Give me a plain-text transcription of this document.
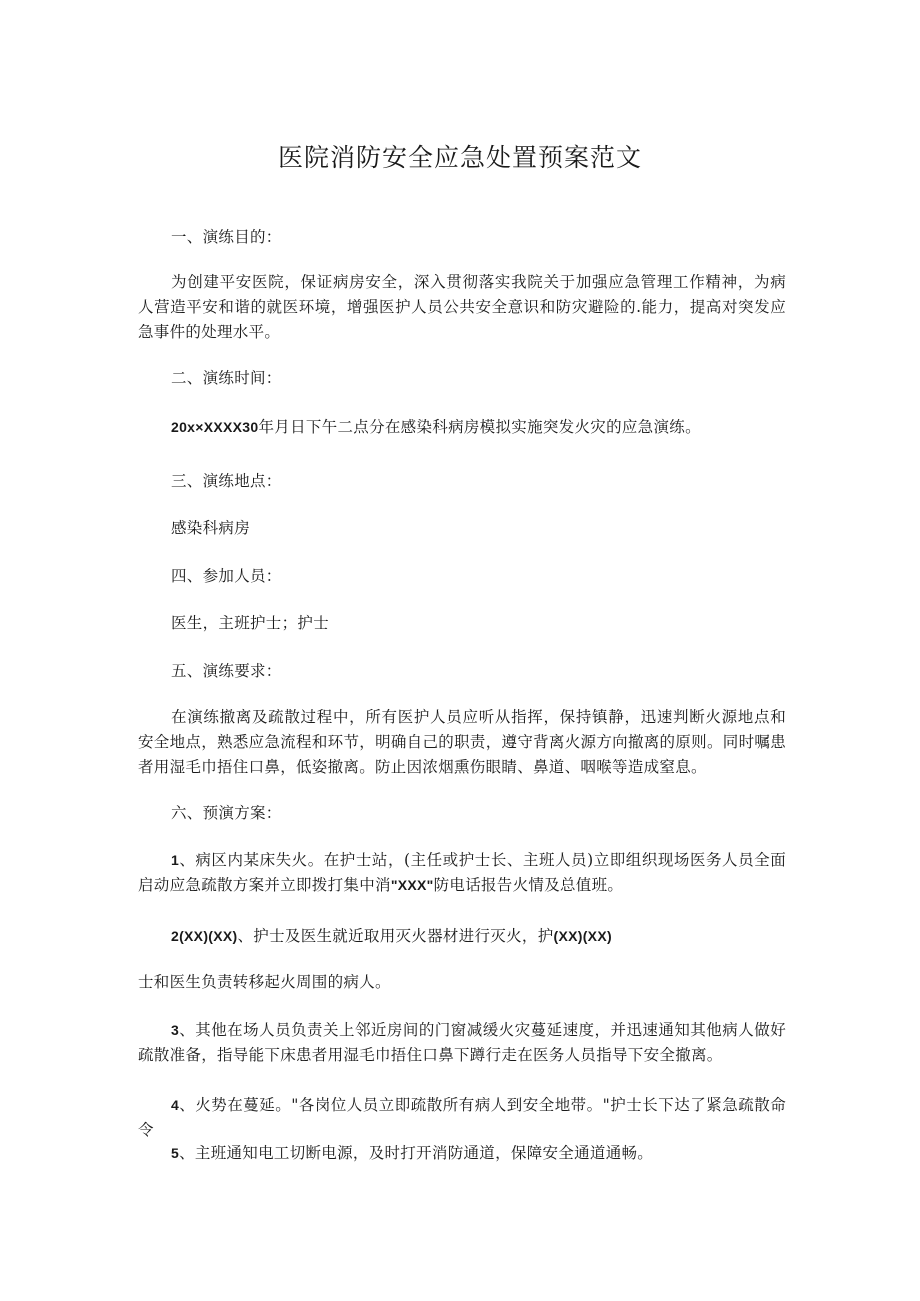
医院消防安全应急处置预案范文

一、演练目的：

为创建平安医院，保证病房安全，深入贯彻落实我院关于加强应急管理工作精神，为病人营造平安和谐的就医环境，增强医护人员公共安全意识和防灾避险的.能力，提高对突发应急事件的处理水平。

二、演练时间：

20x×XXXX30年月日下午二点分在感染科病房模拟实施突发火灾的应急演练。

三、演练地点：

感染科病房

四、参加人员：

医生，主班护士；护士

五、演练要求：

在演练撤离及疏散过程中，所有医护人员应听从指挥，保持镇静，迅速判断火源地点和安全地点，熟悉应急流程和环节，明确自己的职责，遵守背离火源方向撤离的原则。同时嘱患者用湿毛巾捂住口鼻，低姿撤离。防止因浓烟熏伤眼睛、鼻道、咽喉等造成窒息。

六、预演方案：

1、病区内某床失火。在护士站，(主任或护士长、主班人员)立即组织现场医务人员全面启动应急疏散方案并立即拨打集中消"XXX"防电话报告火情及总值班。

2(XX)(XX)、护士及医生就近取用灭火器材进行灭火，护(XX)(XX)

士和医生负责转移起火周围的病人。

3、其他在场人员负责关上邻近房间的门窗减缓火灾蔓延速度，并迅速通知其他病人做好疏散准备，指导能下床患者用湿毛巾捂住口鼻下蹲行走在医务人员指导下安全撤离。

4、火势在蔓延。"各岗位人员立即疏散所有病人到安全地带。"护士长下达了紧急疏散命令

5、主班通知电工切断电源，及时打开消防通道，保障安全通道通畅。
